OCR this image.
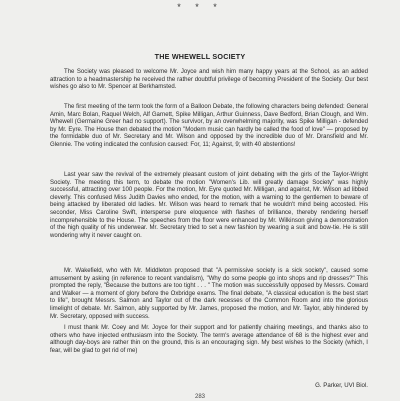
* * *
THE WHEWELL SOCIETY

The Society was pleased to welcome Mr. Joyce and wish him many happy years at the School, as an added attraction to a headmastership he received the rather doubtful privilege of becoming President of the Society. Our best wishes go also to Mr. Spencer at Berkhamsted.

The first meeting of the term took the form of a Balloon Debate, the following characters being defended: General Amin, Marc Bolan, Raquel Welch, Alf Garnett, Spike Milligan, Arthur Guinness, Dave Bedford, Brian Clough, and Wm. Whewell (Germaine Greer had no support). The survivor, by an overwhelming majority, was Spike Milligan - defended by Mr. Eyre. The House then debated the motion "Modern music can hardly be called the food of love" — proposed by the formidable duo of Mr. Secretary and Mr. Wilson and opposed by the incredible duo of Mr. Dransfield and Mr. Glennie. The voting indicated the confusion caused: For, 11; Against, 9; with 40 abstentions!

Last year saw the revival of the extremely pleasant custom of joint debating with the girls of the Taylor-Wright Society. The meeting this term, to debate the motion "Women's Lib. will greatly damage Society" was highly successful, attracting over 100 people. For the motion, Mr. Eyre quoted Mr. Milligan, and against, Mr. Wilson ad libbed cleverly. This confused Miss Judith Davies who ended, for the motion, with a warning to the gentlemen to beware of being attacked by liberated old ladies. Mr. Wilson was heard to remark that he wouldn't mind being accosted. His seconder, Miss Caroline Swift, intersperse pure eloquence with flashes of brilliance, thereby rendering herself incomprehensible to the House. The speeches from the floor were enhanced by Mr. Wilkinson giving a demonstration of the high quality of his underwear. Mr. Secretary tried to set a new fashion by wearing a suit and bow-tie. He is still wondering why it never caught on.

Mr. Wakefield, who with Mr. Middleton proposed that "A permissive society is a sick society", caused some amusement by asking (in reference to recent vandalism), "Why do some people go into shops and rip dresses?" This prompted the reply, "Because the buttons are too tight . . . " The motion was successfully opposed by Messrs. Coward and Walker — a moment of glory before the Oxbridge exams. The final debate, "A classical education is the best start to life", brought Messrs. Salmon and Taylor out of the dark recesses of the Common Room and into the glorious limelight of debate. Mr. Salmon, ably supported by Mr. James, proposed the motion, and Mr. Taylor, ably hindered by Mr. Secretary, opposed with success.

I must thank Mr. Coey and Mr. Joyce for their support and for patiently chairing meetings, and thanks also to others who have injected enthusiasm into the Society. The term's average attendance of 68 is the highest ever and although day-boys are rather thin on the ground, this is an encouraging sign. My best wishes to the Society (which, I fear, will be glad to get rid of me)

G. Parker, UVI Biol.
283
